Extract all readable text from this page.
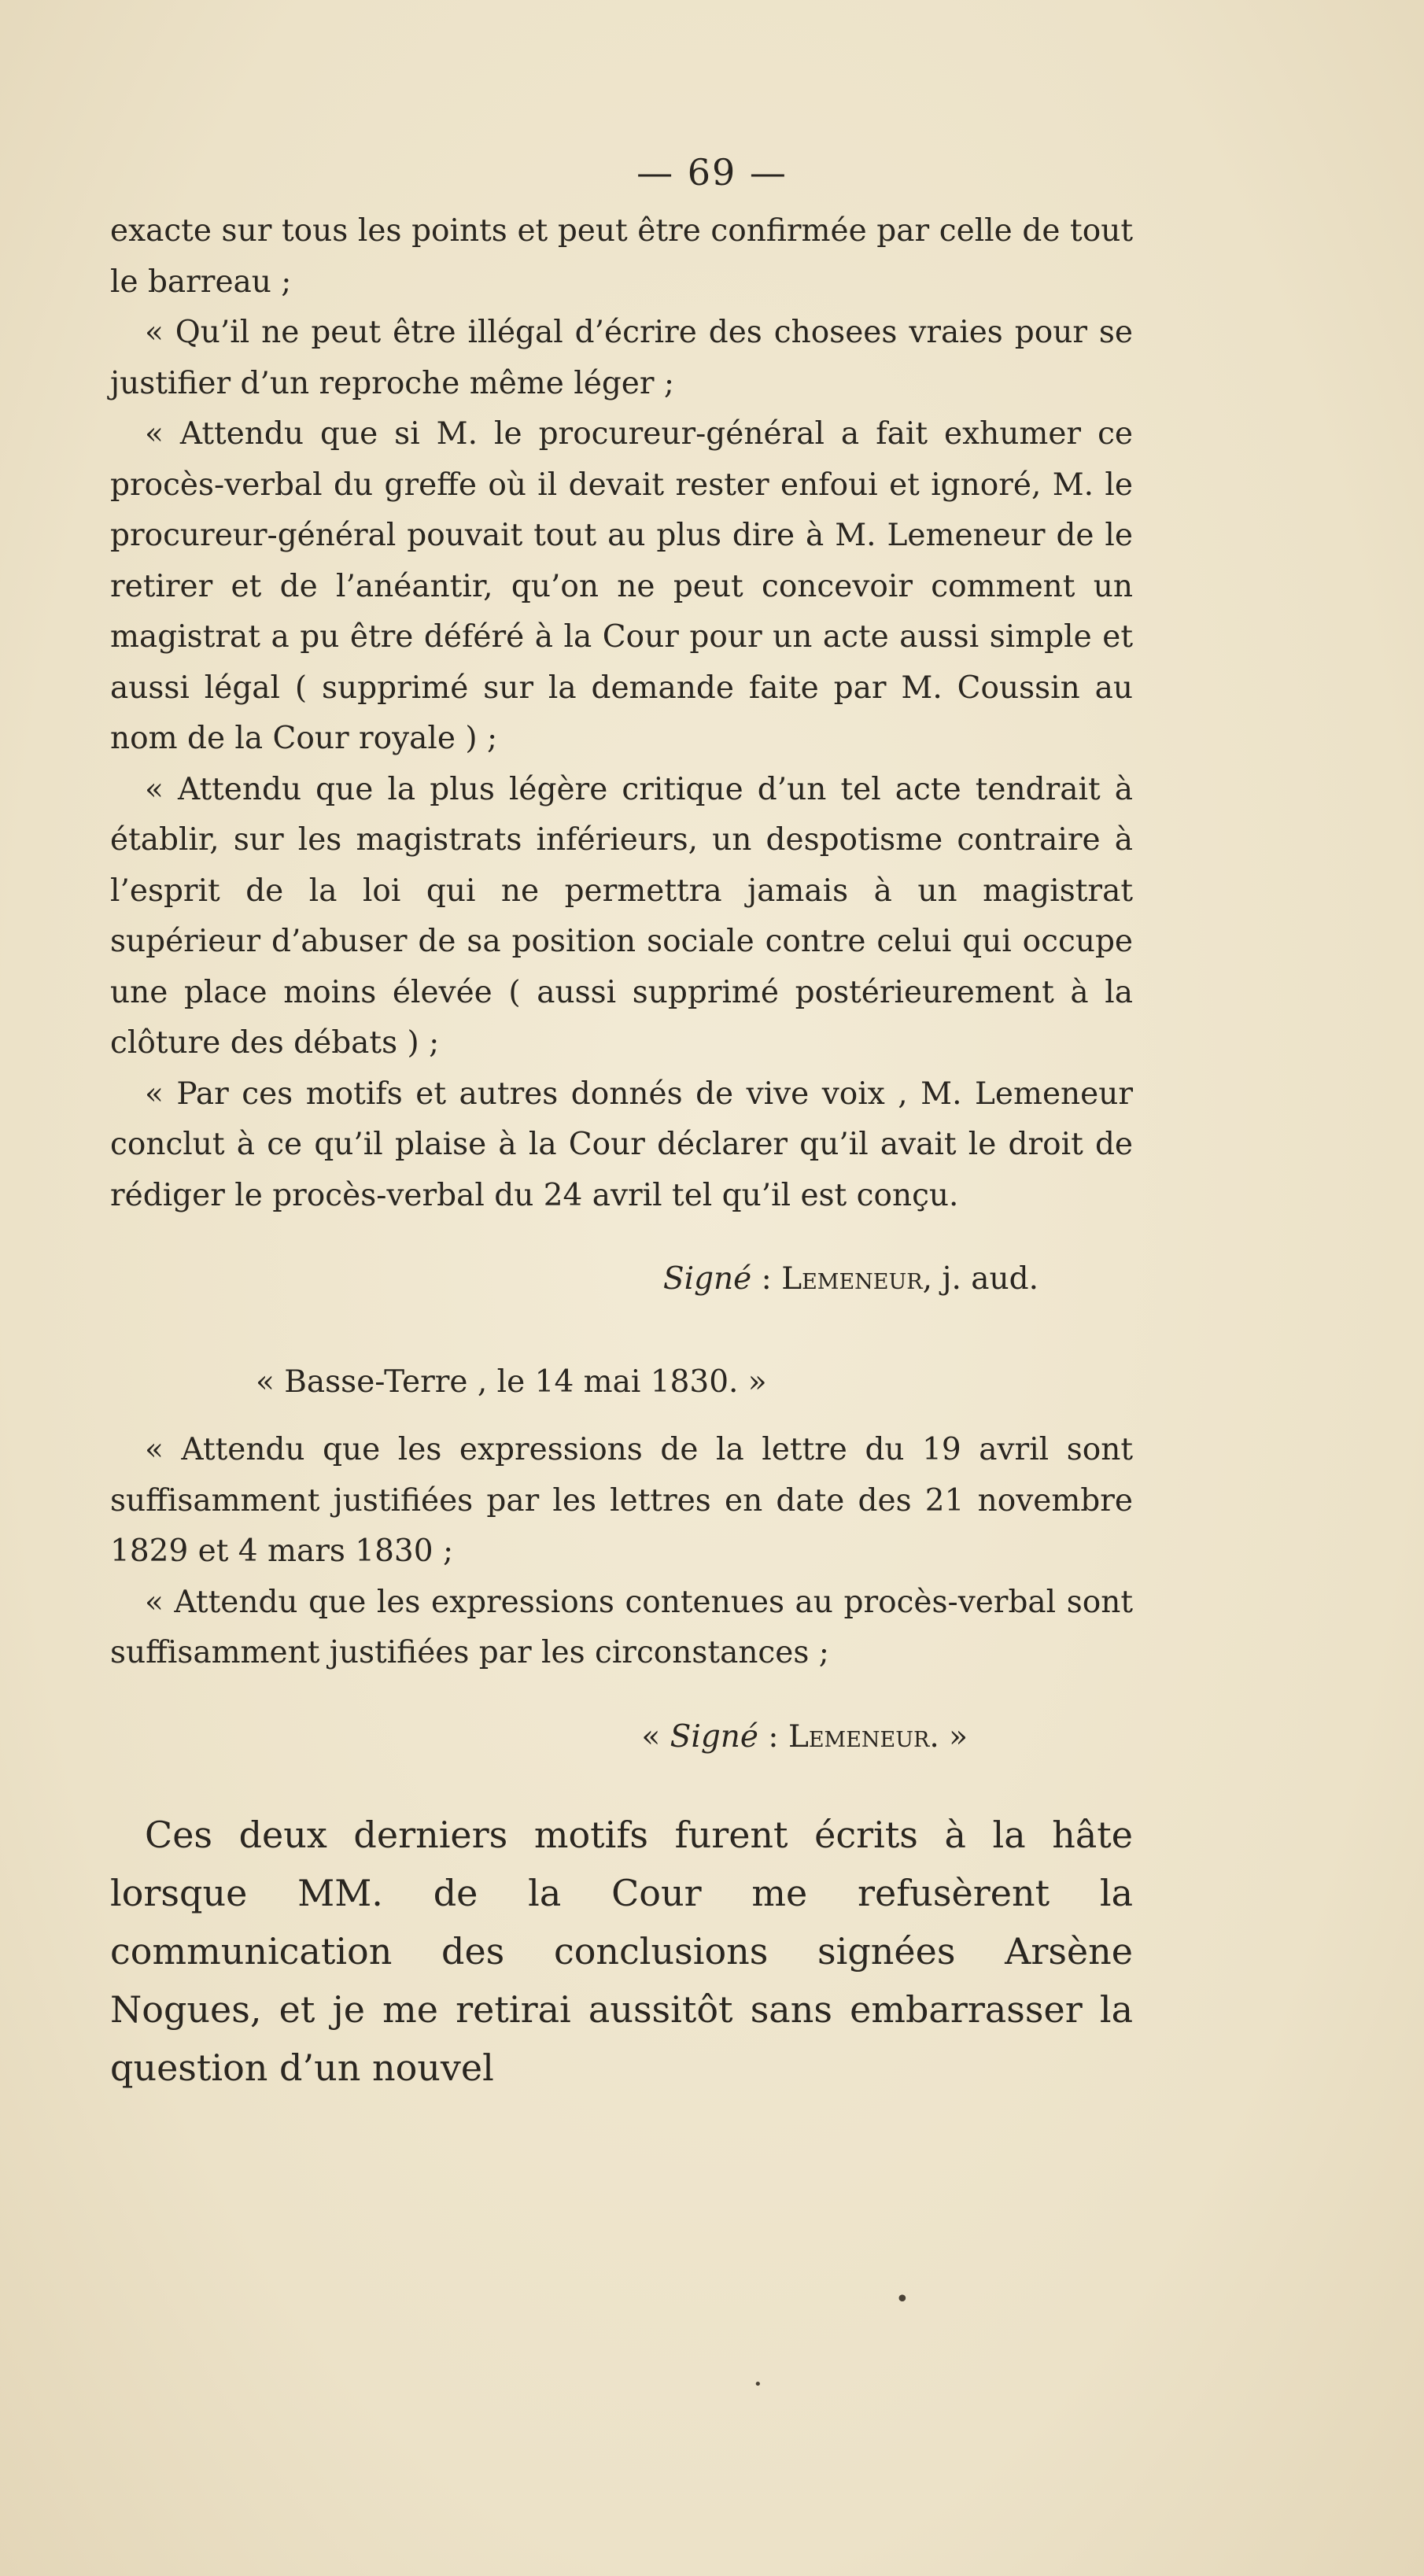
— 69 —

exacte sur tous les points et peut être confirmée par celle de tout le barreau ;

« Qu’il ne peut être illégal d’écrire des chosees vraies pour se justifier d’un reproche même léger ;

« Attendu que si M. le procureur-général a fait exhumer ce procès-verbal du greffe où il devait rester enfoui et ignoré, M. le procureur-général pouvait tout au plus dire à M. Lemeneur de le retirer et de l’anéantir, qu’on ne peut concevoir comment un magistrat a pu être déféré à la Cour pour un acte aussi simple et aussi légal ( supprimé sur la demande faite par M. Coussin au nom de la Cour royale ) ;

« Attendu que la plus légère critique d’un tel acte tendrait à établir, sur les magistrats inférieurs, un despotisme contraire à l’esprit de la loi qui ne permettra jamais à un magistrat supérieur d’abuser de sa position sociale contre celui qui occupe une place moins élevée ( aussi supprimé postérieurement à la clôture des débats ) ;

« Par ces motifs et autres donnés de vive voix , M. Lemeneur conclut à ce qu’il plaise à la Cour déclarer qu’il avait le droit de rédiger le procès-verbal du 24 avril tel qu’il est conçu.

Signé : Lemeneur, j. aud.

« Basse-Terre , le 14 mai 1830. »

« Attendu que les expressions de la lettre du 19 avril sont suffisamment justifiées par les lettres en date des 21 novembre 1829 et 4 mars 1830 ;

« Attendu que les expressions contenues au procès-verbal sont suffisamment justifiées par les circonstances ;

« Signé : Lemeneur. »

Ces deux derniers motifs furent écrits à la hâte lorsque MM. de la Cour me refusèrent la communication des conclusions signées Arsène Nogues, et je me retirai aussitôt sans embarrasser la question d’un nouvel

•
•
